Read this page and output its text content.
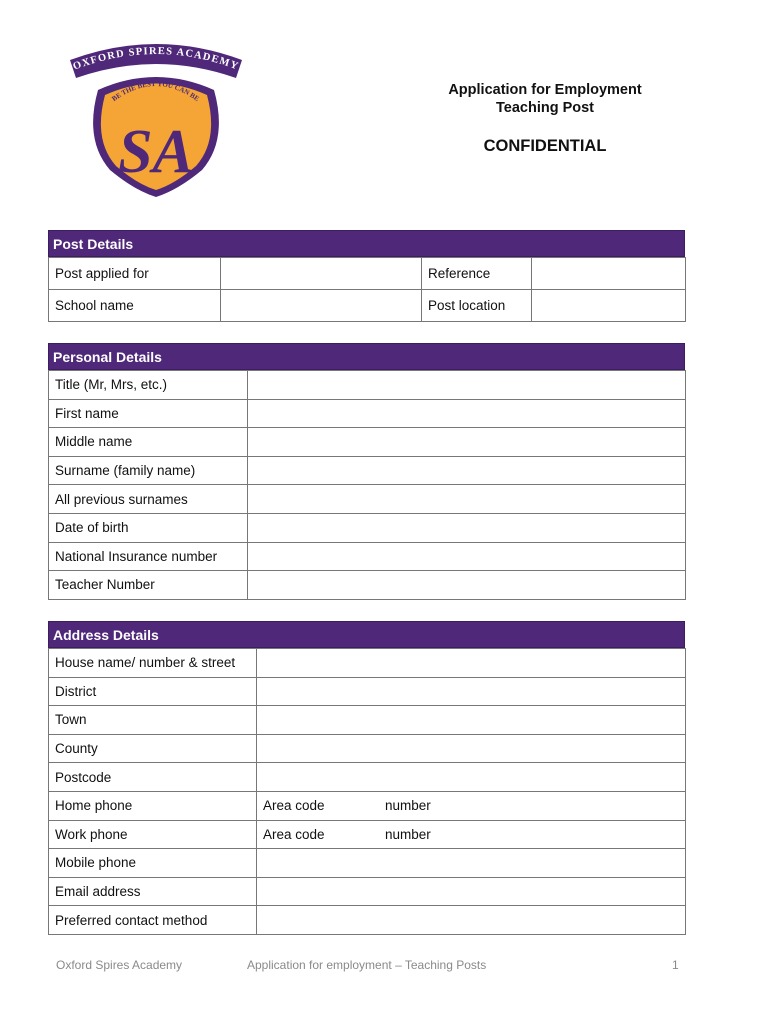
OXFORD SPIRES ACADEMY
BE THE BEST YOU CAN BE
SA
Application for Employment
Teaching Post
CONFIDENTIAL
Post Details
Post applied for		Reference	
School name		Post location	
Personal Details
Title (Mr, Mrs, etc.)	
First name	
Middle name	
Surname (family name)	
All previous surnames	
Date of birth	
National Insurance number	
Teacher Number	
Address Details
House name/ number & street	
District	
Town	
County	
Postcode	
Home phone	Area code number
Work phone	Area code number
Mobile phone	
Email address	
Preferred contact method	
Oxford Spires Academy	Application for employment – Teaching Posts	1
